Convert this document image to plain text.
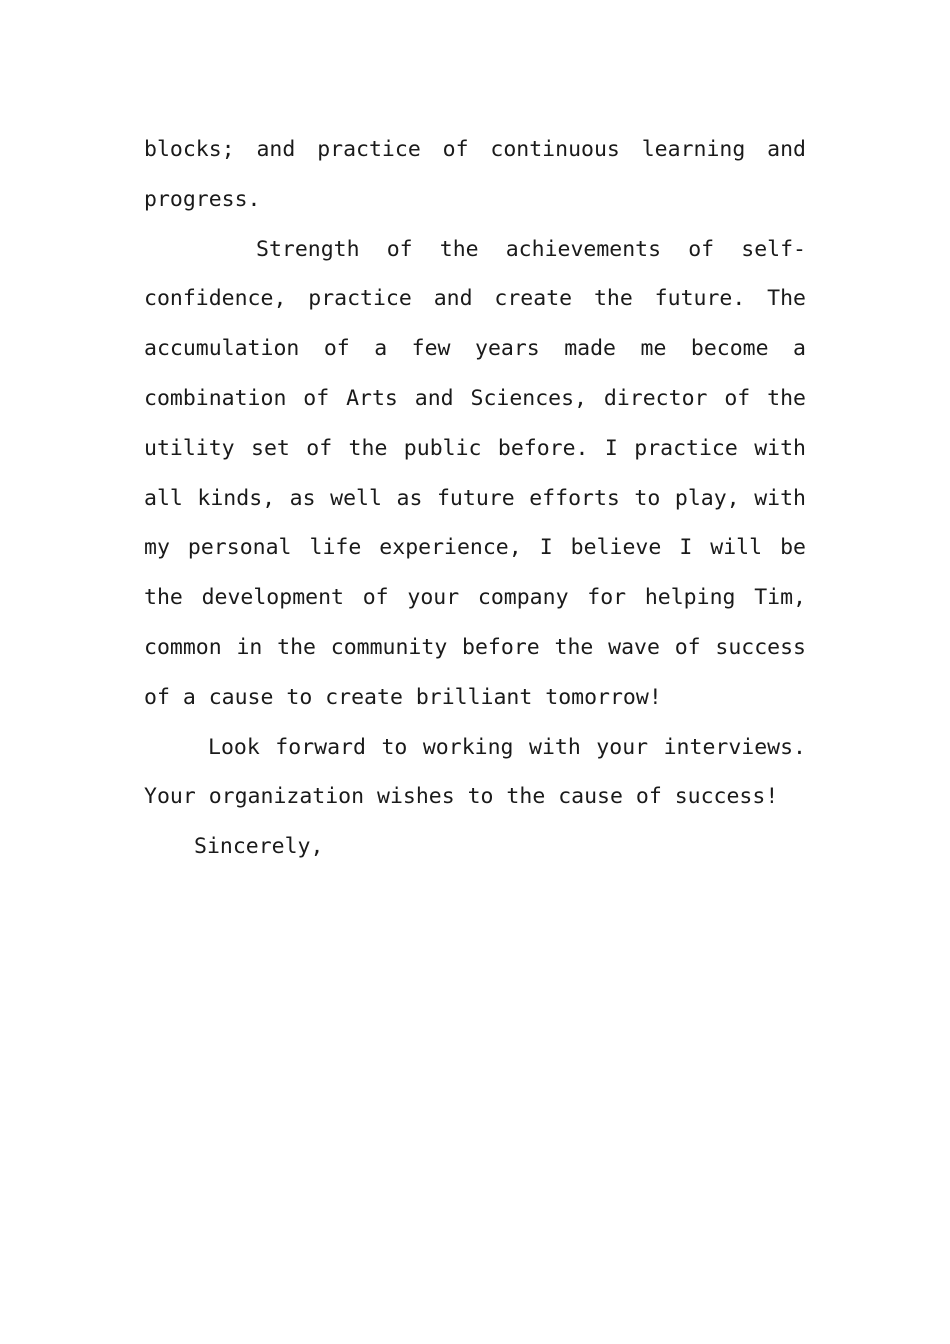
blocks; and practice of continuous learning and
progress.
Strength of the achievements of self-
confidence, practice and create the future. The
accumulation of a few years made me become a
combination of Arts and Sciences, director of the
utility set of the public before. I practice with
all kinds, as well as future efforts to play, with
my personal life experience, I believe I will be
the development of your company for helping Tim,
common in the community before the wave of success
of a cause to create brilliant tomorrow!
Look forward to working with your interviews.
Your organization wishes to the cause of success!
Sincerely,
